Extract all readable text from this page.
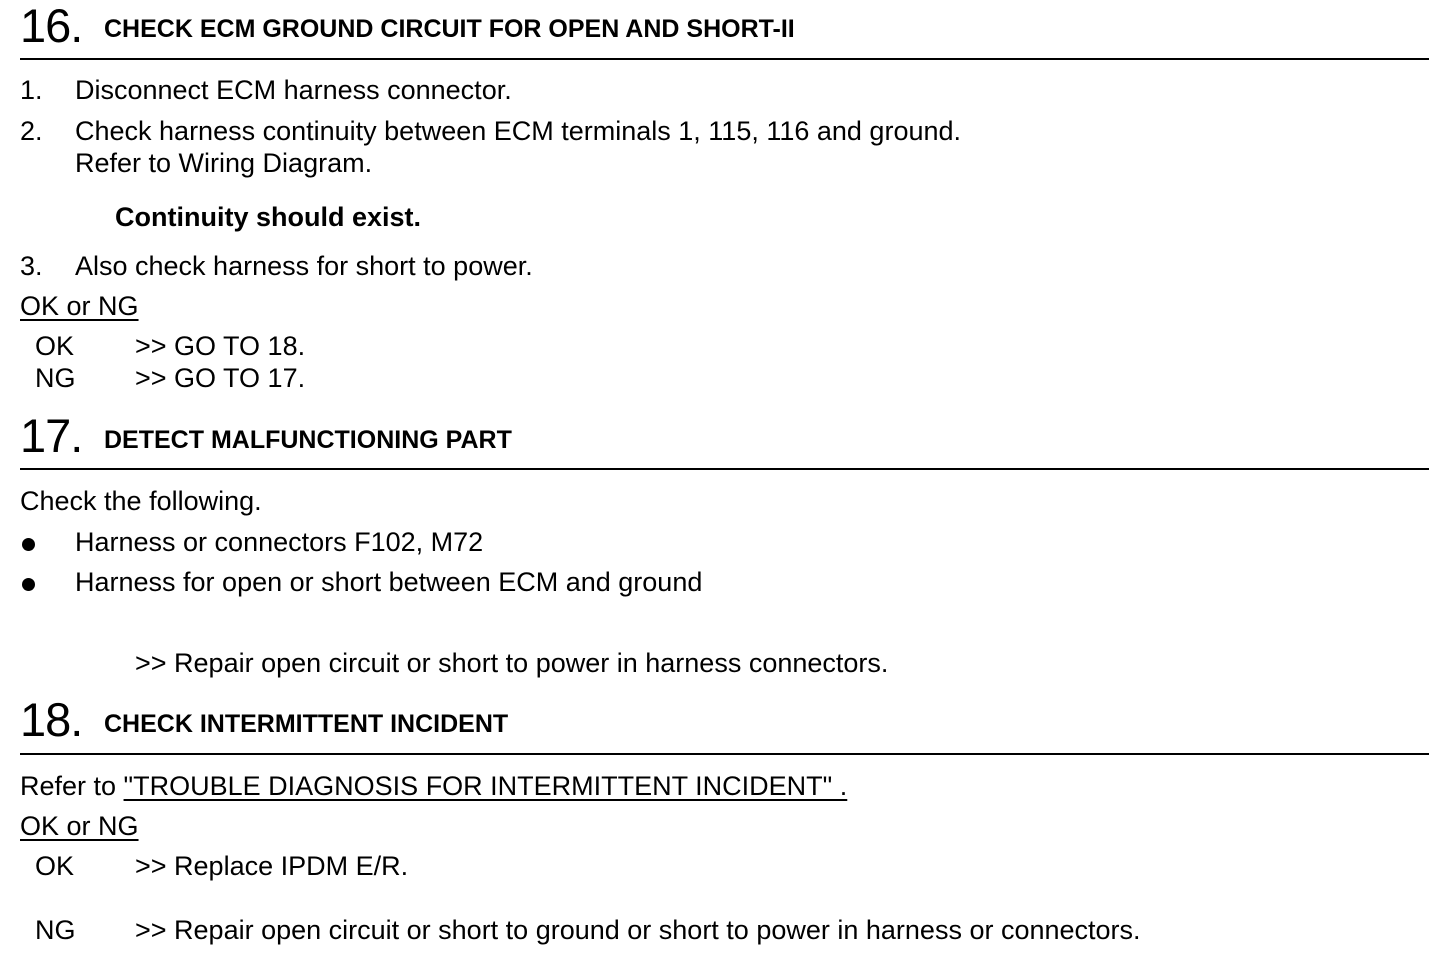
16. CHECK ECM GROUND CIRCUIT FOR OPEN AND SHORT-II
1. Disconnect ECM harness connector.
2. Check harness continuity between ECM terminals 1, 115, 116 and ground.
Refer to Wiring Diagram.
Continuity should exist.
3. Also check harness for short to power.
OK or NG
OK >> GO TO 18.
NG >> GO TO 17.
17. DETECT MALFUNCTIONING PART
Check the following.
Harness or connectors F102, M72
Harness for open or short between ECM and ground
>> Repair open circuit or short to power in harness connectors.
18. CHECK INTERMITTENT INCIDENT
Refer to "TROUBLE DIAGNOSIS FOR INTERMITTENT INCIDENT" .
OK or NG
OK >> Replace IPDM E/R.
NG >> Repair open circuit or short to ground or short to power in harness or connectors.
